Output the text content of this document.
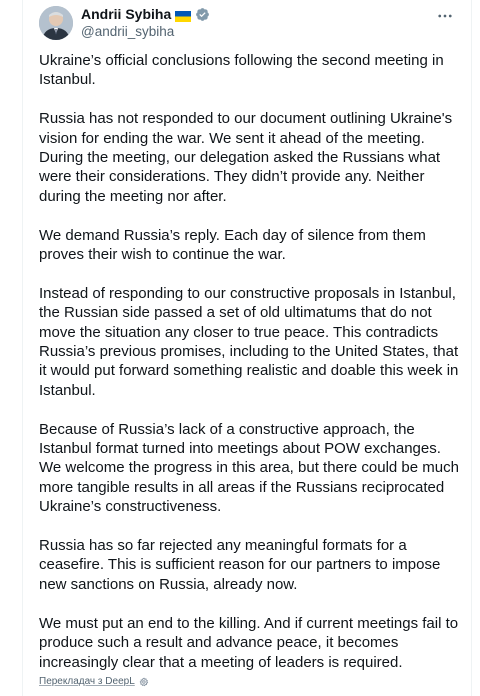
Andrii Sybiha
@andrii_sybiha

Ukraine’s official conclusions following the second meeting in Istanbul.

Russia has not responded to our document outlining Ukraine's vision for ending the war. We sent it ahead of the meeting. During the meeting, our delegation asked the Russians what were their considerations. They didn’t provide any. Neither during the meeting nor after.

We demand Russia’s reply. Each day of silence from them proves their wish to continue the war.

Instead of responding to our constructive proposals in Istanbul, the Russian side passed a set of old ultimatums that do not move the situation any closer to true peace. This contradicts Russia’s previous promises, including to the United States, that it would put forward something realistic and doable this week in Istanbul.

Because of Russia’s lack of a constructive approach, the Istanbul format turned into meetings about POW exchanges. We welcome the progress in this area, but there could be much more tangible results in all areas if the Russians reciprocated Ukraine’s constructiveness.

Russia has so far rejected any meaningful formats for a ceasefire. This is sufficient reason for our partners to impose new sanctions on Russia, already now.

We must put an end to the killing. And if current meetings fail to produce such a result and advance peace, it becomes increasingly clear that a meeting of leaders is required.

Перекладач з DeepL
